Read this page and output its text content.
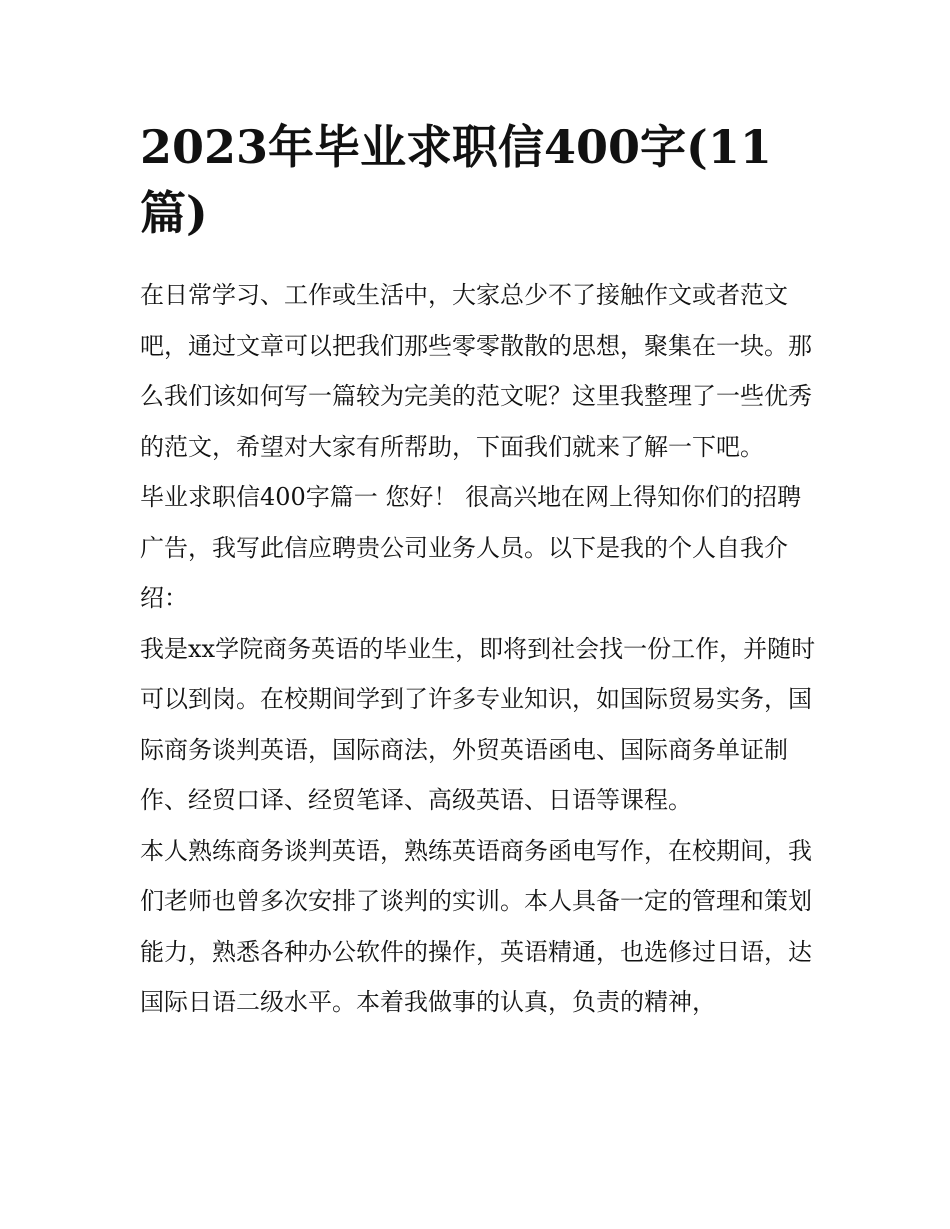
2023年毕业求职信400字(11篇)

在日常学习、工作或生活中，大家总少不了接触作文或者范文吧，通过文章可以把我们那些零零散散的思想，聚集在一块。那么我们该如何写一篇较为完美的范文呢？这里我整理了一些优秀的范文，希望对大家有所帮助，下面我们就来了解一下吧。

毕业求职信400字篇一 您好！ 很高兴地在网上得知你们的招聘广告，我写此信应聘贵公司业务人员。以下是我的个人自我介绍：

我是xx学院商务英语的毕业生，即将到社会找一份工作，并随时可以到岗。在校期间学到了许多专业知识，如国际贸易实务，国际商务谈判英语，国际商法，外贸英语函电、国际商务单证制作、经贸口译、经贸笔译、高级英语、日语等课程。

本人熟练商务谈判英语，熟练英语商务函电写作，在校期间，我们老师也曾多次安排了谈判的实训。本人具备一定的管理和策划能力，熟悉各种办公软件的操作，英语精通，也选修过日语，达国际日语二级水平。本着我做事的认真，负责的精神，
